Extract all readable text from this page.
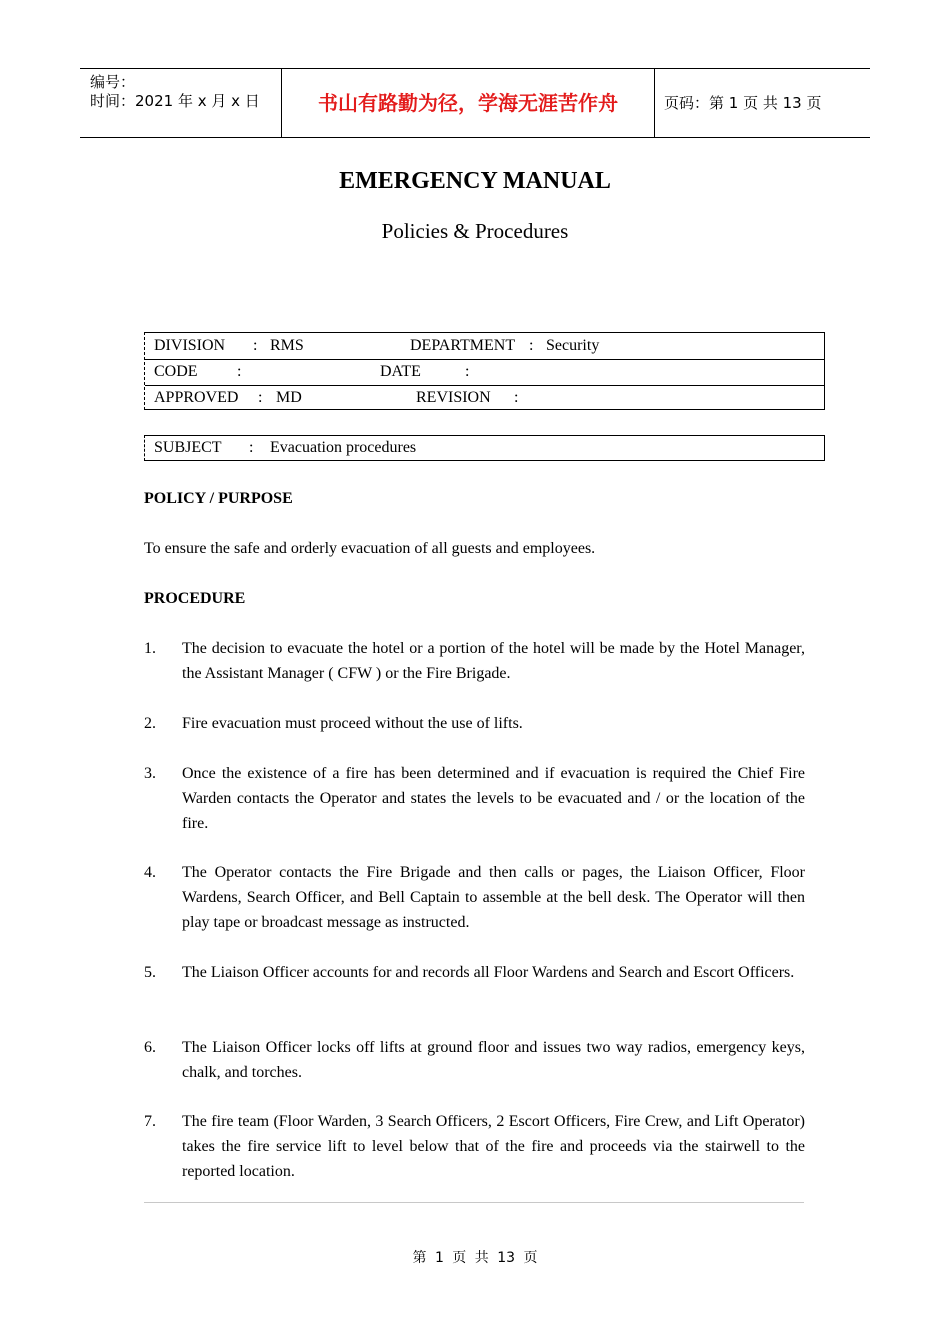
编号：
时间：2021 年 x 月 x 日	书山有路勤为径，学海无涯苦作舟	页码：第 1 页 共 13 页
EMERGENCY MANUAL
Policies & Procedures
DIVISION : RMS	DEPARTMENT : Security
CODE :	DATE	:
APPROVED : MD	REVISION :
SUBJECT : Evacuation procedures
POLICY / PURPOSE
To ensure the safe and orderly evacuation of all guests and employees.
PROCEDURE
1. The decision to evacuate the hotel or a portion of the hotel will be made by the Hotel Manager, the Assistant Manager ( CFW ) or the Fire Brigade.
2. Fire evacuation must proceed without the use of lifts.
3. Once the existence of a fire has been determined and if evacuation is required the Chief Fire Warden contacts the Operator and states the levels to be evacuated and / or the location of the fire.
4. The Operator contacts the Fire Brigade and then calls or pages, the Liaison Officer, Floor Wardens, Search Officer, and Bell Captain to assemble at the bell desk. The Operator will then play tape or broadcast message as instructed.
5. The Liaison Officer accounts for and records all Floor Wardens and Search and Escort Officers.
6. The Liaison Officer locks off lifts at ground floor and issues two way radios, emergency keys, chalk, and torches.
7. The fire team (Floor Warden, 3 Search Officers, 2 Escort Officers, Fire Crew, and Lift Operator) takes the fire service lift to level below that of the fire and proceeds via the stairwell to the reported location.
第 1 页 共 13 页
